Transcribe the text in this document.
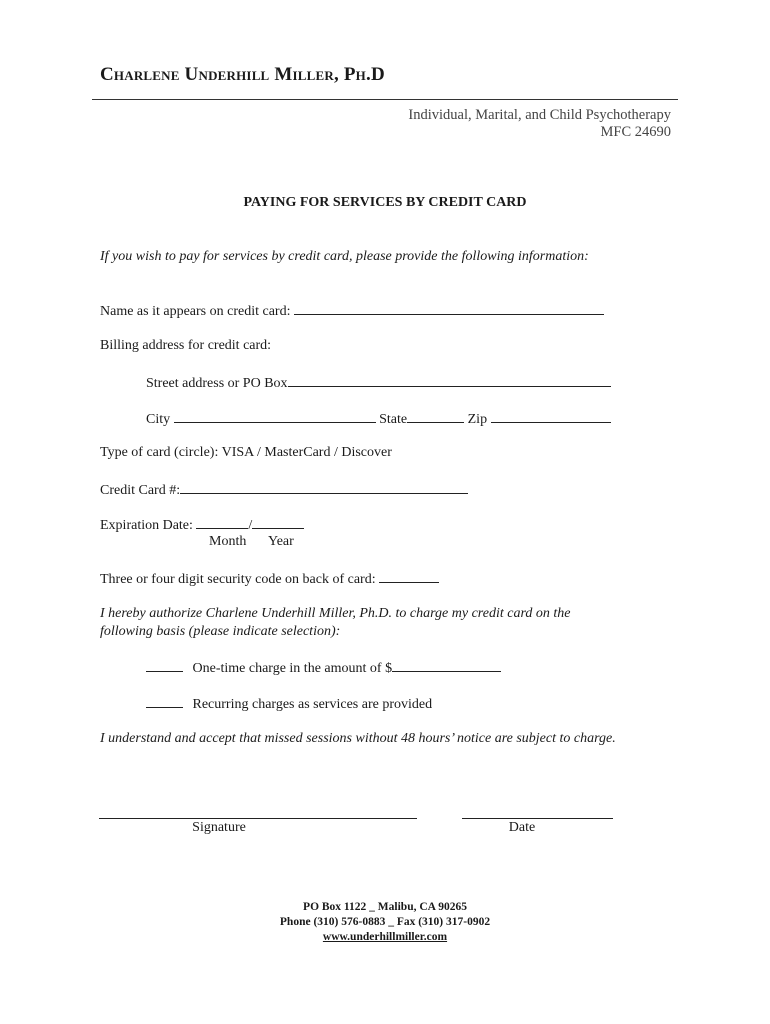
Charlene Underhill Miller, Ph.D
Individual, Marital, and Child Psychotherapy
MFC 24690
PAYING FOR SERVICES BY CREDIT CARD
If you wish to pay for services by credit card, please provide the following information:
Name as it appears on credit card:
Billing address for credit card:
Street address or PO Box
City	State	Zip
Type of card (circle): VISA / MasterCard / Discover
Credit Card #:
Expiration Date:	/
Month Year
Three or four digit security code on back of card:
I hereby authorize Charlene Underhill Miller, Ph.D. to charge my credit card on the
following basis (please indicate selection):
One-time charge in the amount of $
Recurring charges as services are provided
I understand and accept that missed sessions without 48 hours’ notice are subject to charge.
Signature	Date
PO Box 1122 _ Malibu, CA 90265
Phone (310) 576-0883 _ Fax (310) 317-0902
www.underhillmiller.com
